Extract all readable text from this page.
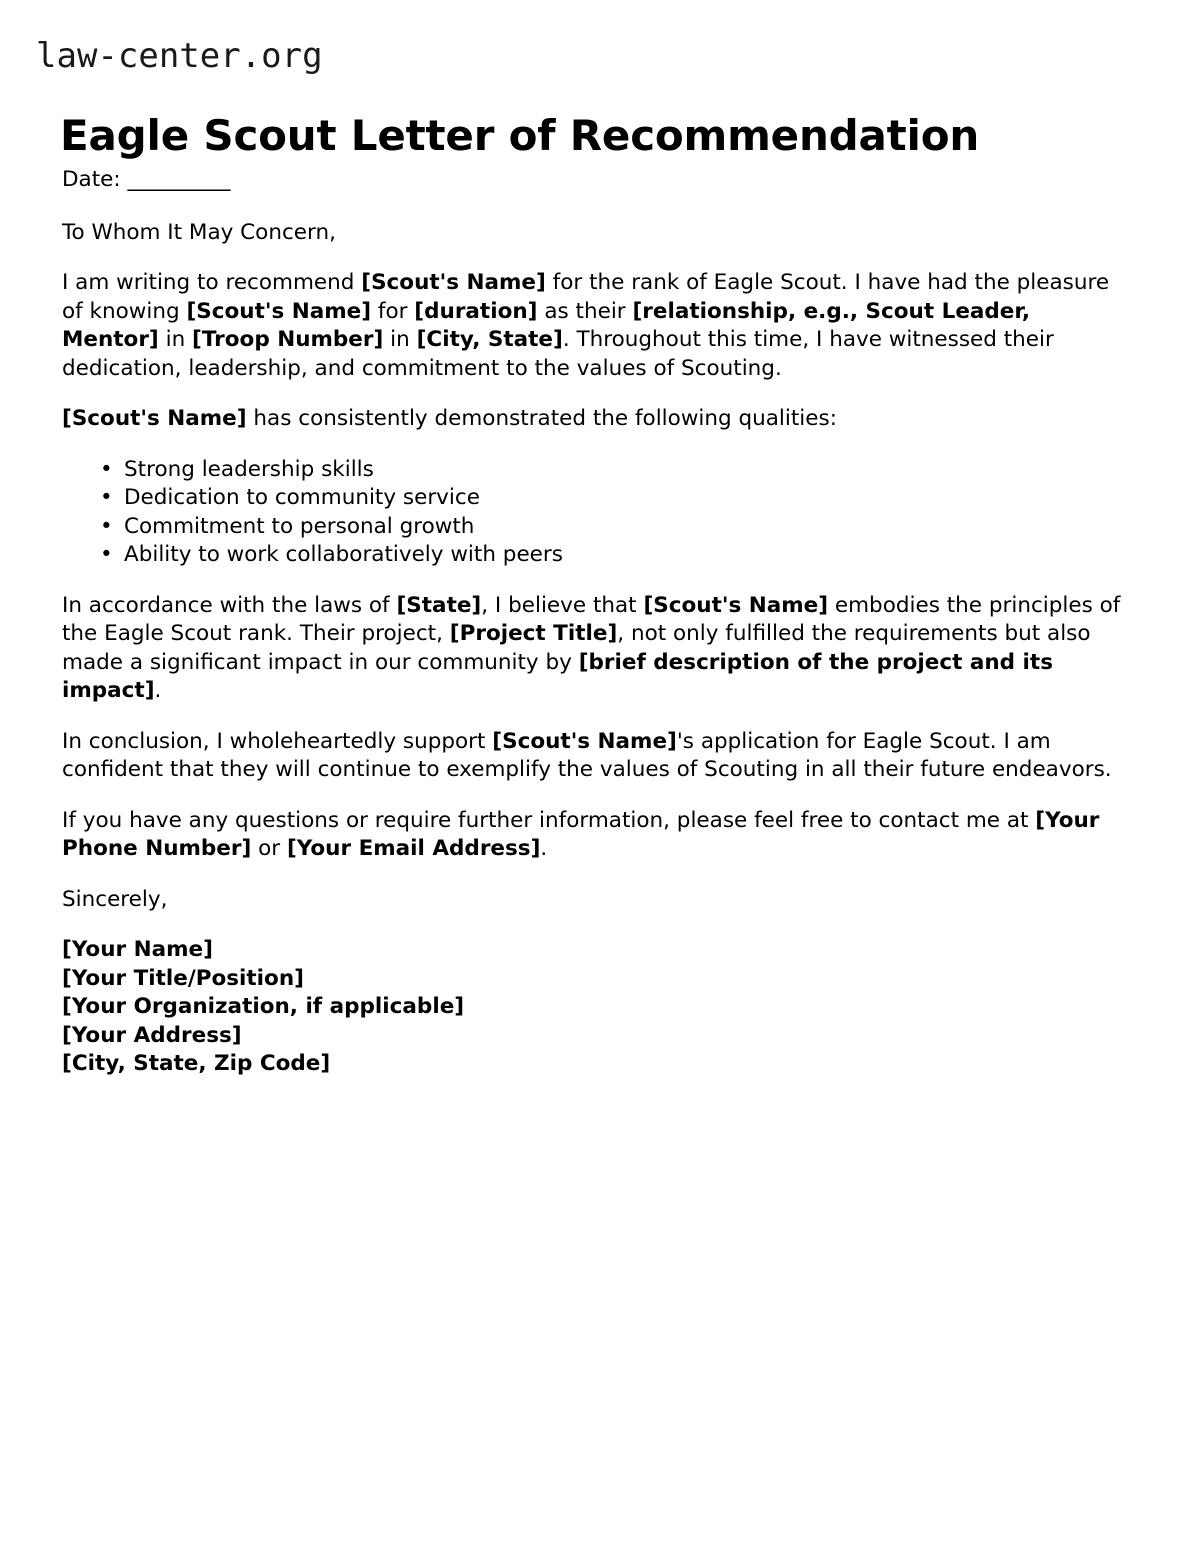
law-center.org
Eagle Scout Letter of Recommendation

Date: __________

To Whom It May Concern,

I am writing to recommend [Scout's Name] for the rank of Eagle Scout. I have had the pleasure of knowing [Scout's Name] for [duration] as their [relationship, e.g., Scout Leader, Mentor] in [Troop Number] in [City, State]. Throughout this time, I have witnessed their dedication, leadership, and commitment to the values of Scouting.

[Scout's Name] has consistently demonstrated the following qualities:

• Strong leadership skills
• Dedication to community service
• Commitment to personal growth
• Ability to work collaboratively with peers

In accordance with the laws of [State], I believe that [Scout's Name] embodies the principles of the Eagle Scout rank. Their project, [Project Title], not only fulfilled the requirements but also made a significant impact in our community by [brief description of the project and its impact].

In conclusion, I wholeheartedly support [Scout's Name]'s application for Eagle Scout. I am confident that they will continue to exemplify the values of Scouting in all their future endeavors.

If you have any questions or require further information, please feel free to contact me at [Your Phone Number] or [Your Email Address].

Sincerely,

[Your Name]
[Your Title/Position]
[Your Organization, if applicable]
[Your Address]
[City, State, Zip Code]
